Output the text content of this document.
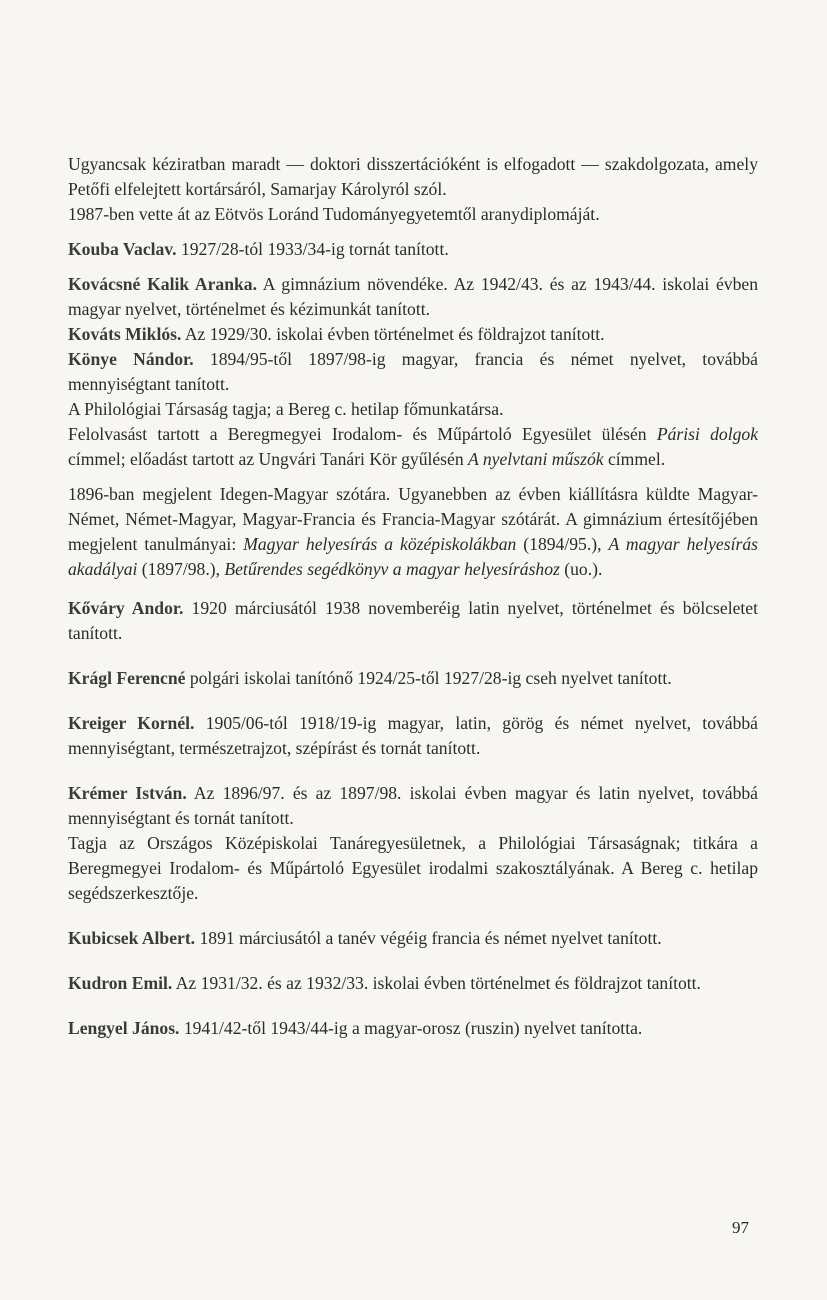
Ugyancsak kéziratban maradt — doktori disszertációként is elfogadott — szakdolgozata, amely Petőfi elfelejtett kortársáról, Samarjay Károlyról szól.

1987-ben vette át az Eötvös Loránd Tudományegyetemtől aranydiplomáját.

Kouba Vaclav. 1927/28-tól 1933/34-ig tornát tanított.

Kovácsné Kalik Aranka. A gimnázium növendéke. Az 1942/43. és az 1943/44. iskolai évben magyar nyelvet, történelmet és kézimunkát tanított.

Kováts Miklós. Az 1929/30. iskolai évben történelmet és földrajzot tanított.

Könye Nándor. 1894/95-től 1897/98-ig magyar, francia és német nyelvet, továbbá mennyiségtant tanított.

A Philológiai Társaság tagja; a Bereg c. hetilap főmunkatársa.

Felolvasást tartott a Beregmegyei Irodalom- és Műpártoló Egyesület ülésén Párisi dolgok címmel; előadást tartott az Ungvári Tanári Kör gyűlésén A nyelvtani műszók címmel.

1896-ban megjelent Idegen-Magyar szótára. Ugyanebben az évben kiállításra küldte Magyar-Német, Német-Magyar, Magyar-Francia és Francia-Magyar szótárát. A gimnázium értesítőjében megjelent tanulmányai: Magyar helyesírás a középiskolákban (1894/95.), A magyar helyesírás akadályai (1897/98.), Betűrendes segédkönyv a magyar helyesíráshoz (uo.).

Kőváry Andor. 1920 márciusától 1938 novemberéig latin nyelvet, történelmet és bölcseletet tanított.

Krágl Ferencné polgári iskolai tanítónő 1924/25-től 1927/28-ig cseh nyelvet tanított.

Kreiger Kornél. 1905/06-tól 1918/19-ig magyar, latin, görög és német nyelvet, továbbá mennyiségtant, természetrajzot, szépírást és tornát tanított.

Krémer István. Az 1896/97. és az 1897/98. iskolai évben magyar és latin nyelvet, továbbá mennyiségtant és tornát tanított.

Tagja az Országos Középiskolai Tanáregyesületnek, a Philológiai Társaságnak; titkára a Beregmegyei Irodalom- és Műpártoló Egyesület irodalmi szakosztályának. A Bereg c. hetilap segédszerkesztője.

Kubicsek Albert. 1891 márciusától a tanév végéig francia és német nyelvet tanított.

Kudron Emil. Az 1931/32. és az 1932/33. iskolai évben történelmet és földrajzot tanított.

Lengyel János. 1941/42-től 1943/44-ig a magyar-orosz (ruszin) nyelvet tanította.

97
